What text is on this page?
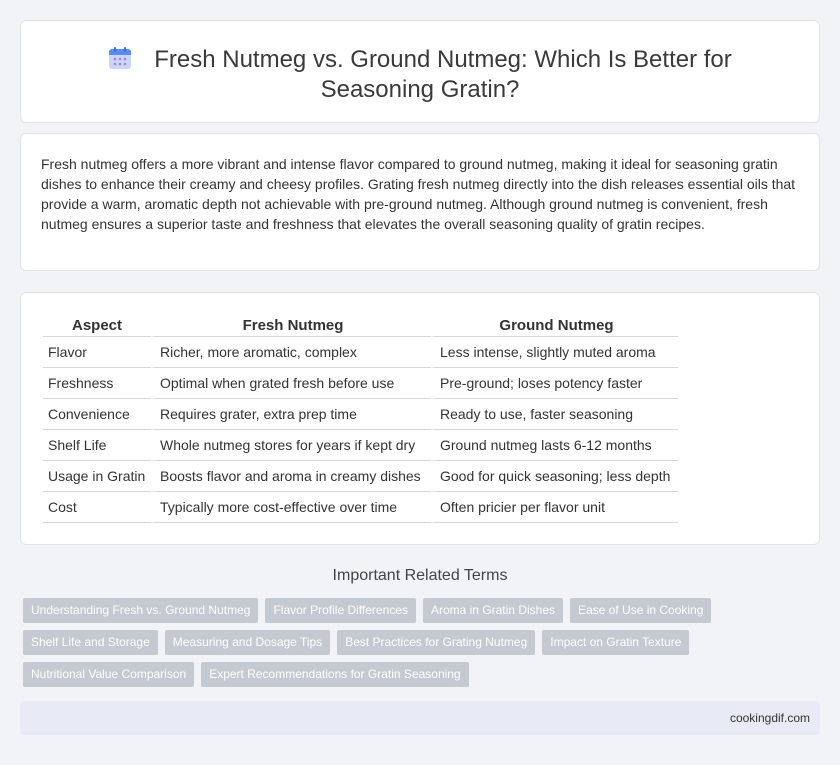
Fresh Nutmeg vs. Ground Nutmeg: Which Is Better for Seasoning Gratin?

Fresh nutmeg offers a more vibrant and intense flavor compared to ground nutmeg, making it ideal for seasoning gratin dishes to enhance their creamy and cheesy profiles. Grating fresh nutmeg directly into the dish releases essential oils that provide a warm, aromatic depth not achievable with pre-ground nutmeg. Although ground nutmeg is convenient, fresh nutmeg ensures a superior taste and freshness that elevates the overall seasoning quality of gratin recipes.

Aspect	Fresh Nutmeg	Ground Nutmeg
Flavor	Richer, more aromatic, complex	Less intense, slightly muted aroma
Freshness	Optimal when grated fresh before use	Pre-ground; loses potency faster
Convenience	Requires grater, extra prep time	Ready to use, faster seasoning
Shelf Life	Whole nutmeg stores for years if kept dry	Ground nutmeg lasts 6-12 months
Usage in Gratin	Boosts flavor and aroma in creamy dishes	Good for quick seasoning; less depth
Cost	Typically more cost-effective over time	Often pricier per flavor unit
Important Related Terms
Understanding Fresh vs. Ground Nutmeg	Flavor Profile Differences	Aroma in Gratin Dishes	Ease of Use in Cooking
Shelf Life and Storage	Measuring and Dosage Tips	Best Practices for Grating Nutmeg	Impact on Gratin Texture
Nutritional Value Comparison	Expert Recommendations for Gratin Seasoning
cookingdif.com
